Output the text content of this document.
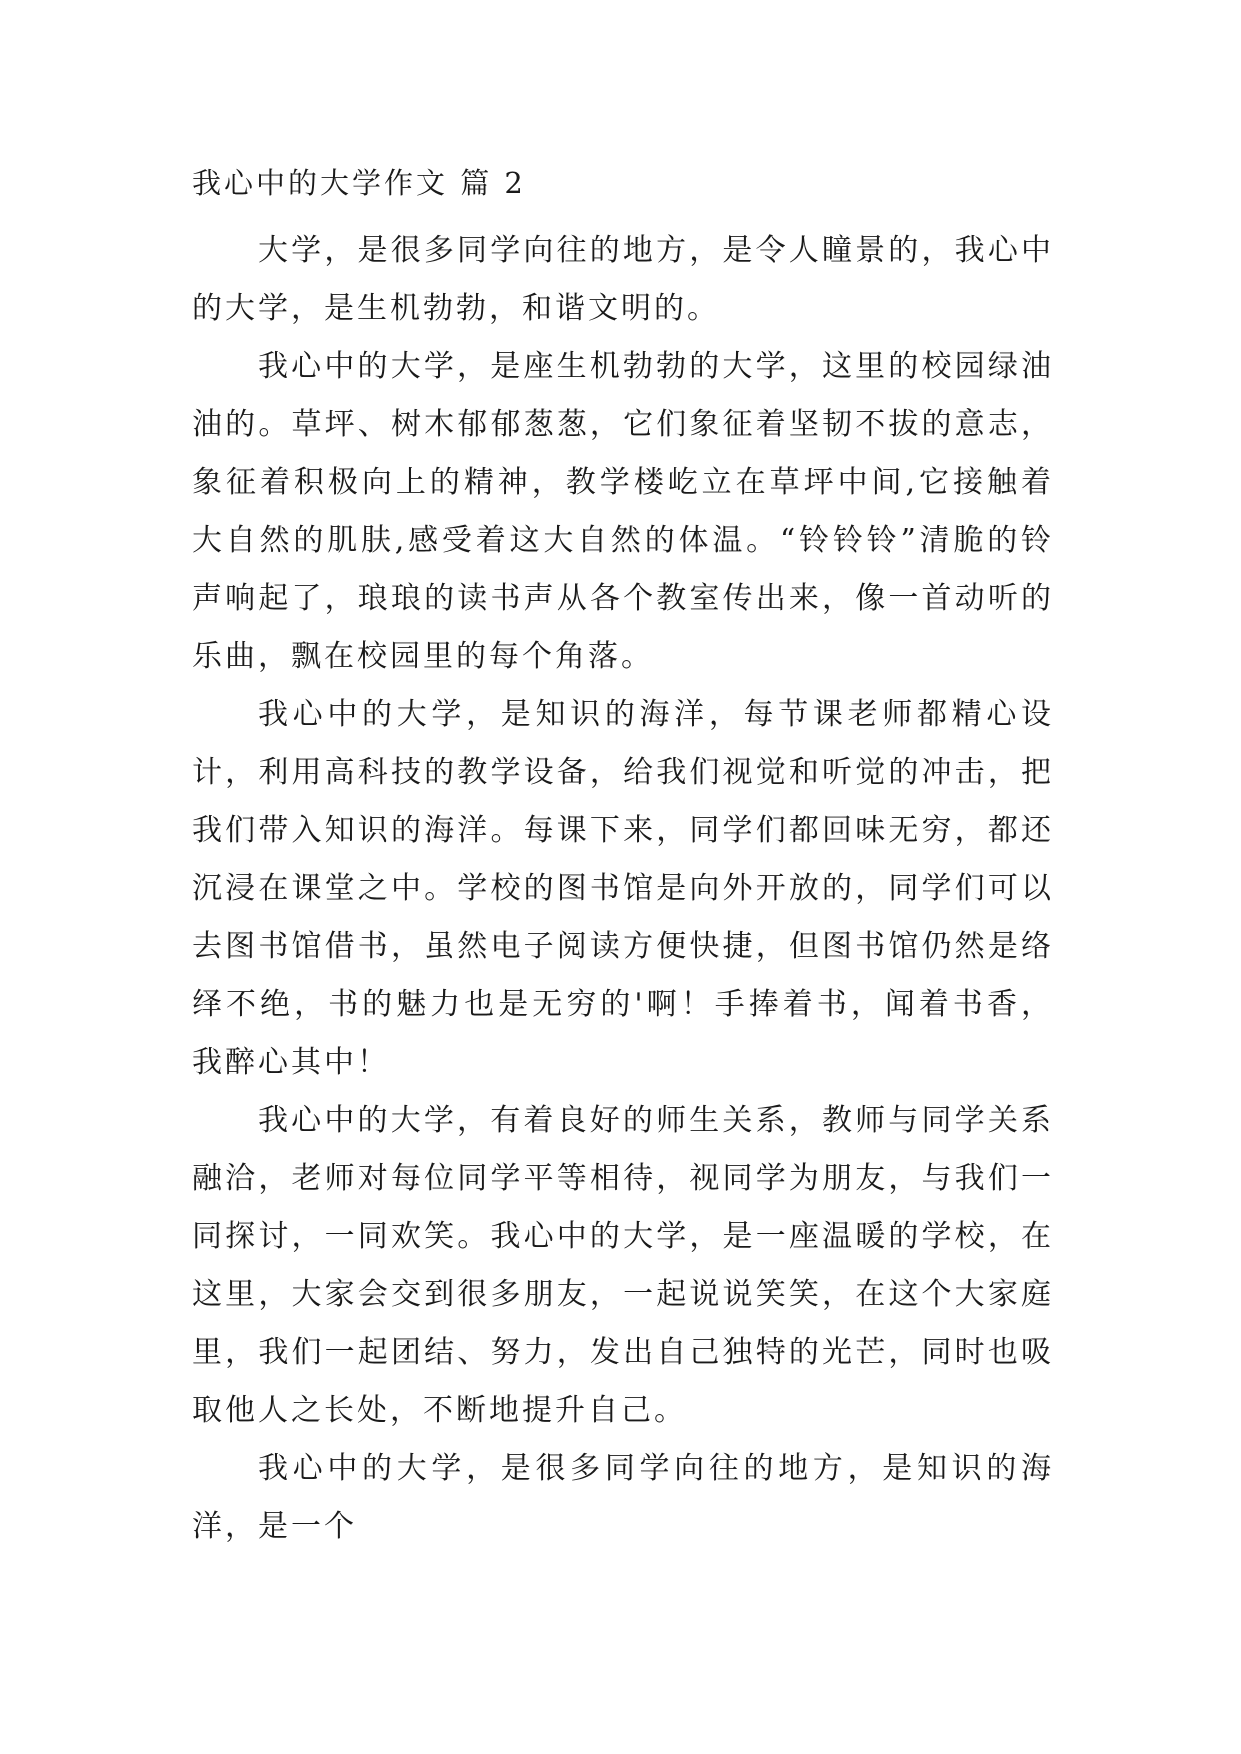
我心中的大学作文 篇 2

大学，是很多同学向往的地方，是令人瞳景的，我心中的大学，是生机勃勃，和谐文明的。

我心中的大学，是座生机勃勃的大学，这里的校园绿油油的。草坪、树木郁郁葱葱，它们象征着坚韧不拔的意志，象征着积极向上的精神，教学楼屹立在草坪中间,它接触着大自然的肌肤,感受着这大自然的体温。“铃铃铃”清脆的铃声响起了，琅琅的读书声从各个教室传出来，像一首动听的乐曲，飘在校园里的每个角落。

我心中的大学，是知识的海洋，每节课老师都精心设计，利用高科技的教学设备，给我们视觉和听觉的冲击，把我们带入知识的海洋。每课下来，同学们都回味无穷，都还沉浸在课堂之中。学校的图书馆是向外开放的，同学们可以去图书馆借书，虽然电子阅读方便快捷，但图书馆仍然是络绎不绝，书的魅力也是无穷的'啊！手捧着书，闻着书香，我醉心其中！

我心中的大学，有着良好的师生关系，教师与同学关系融洽，老师对每位同学平等相待，视同学为朋友，与我们一同探讨，一同欢笑。我心中的大学，是一座温暖的学校，在这里，大家会交到很多朋友，一起说说笑笑，在这个大家庭里，我们一起团结、努力，发出自己独特的光芒，同时也吸取他人之长处，不断地提升自己。

我心中的大学，是很多同学向往的地方，是知识的海洋，是一个
